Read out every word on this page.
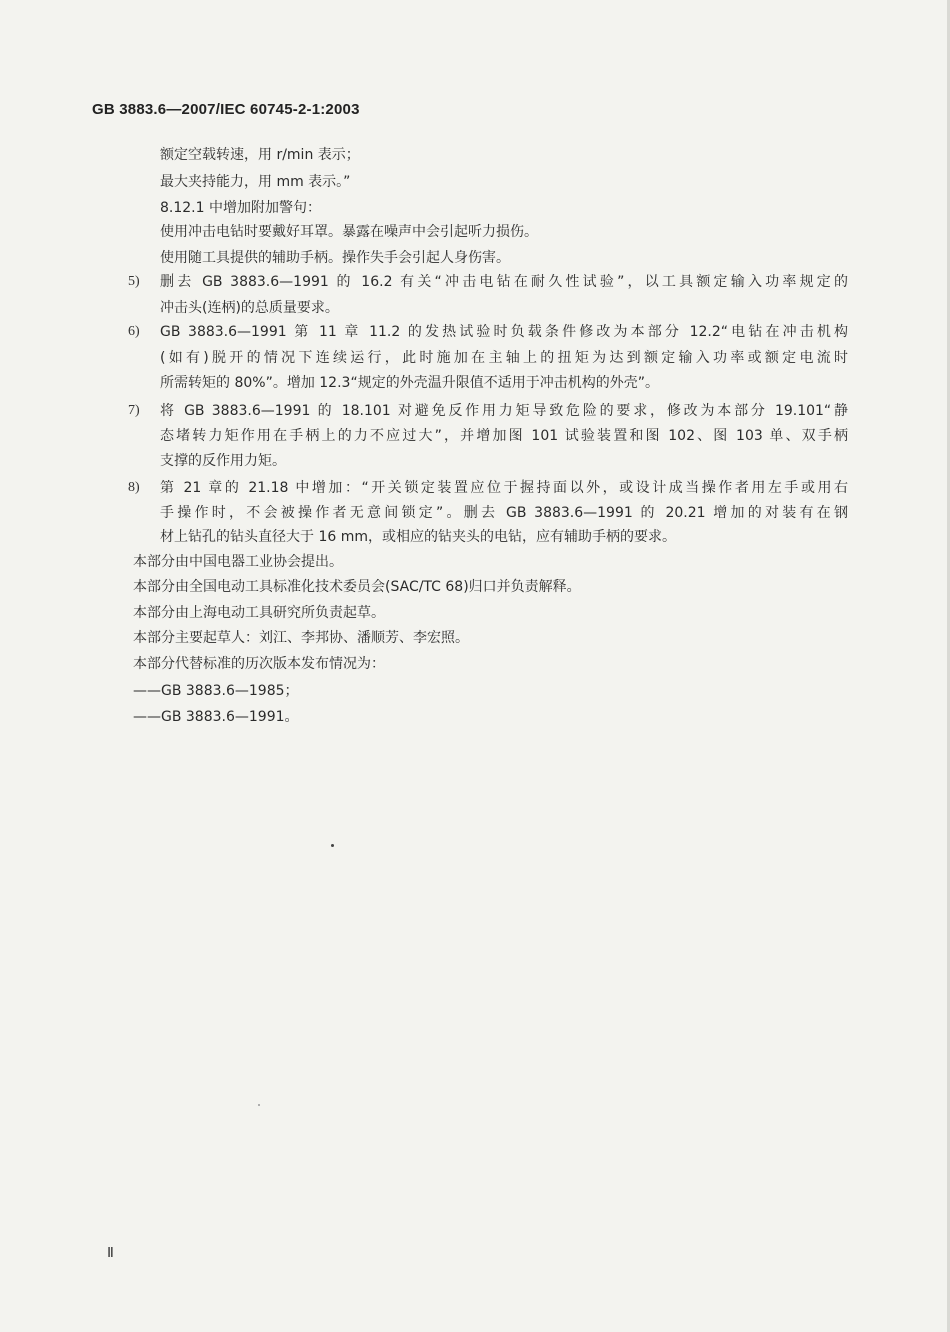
GB 3883.6—2007/IEC 60745-2-1:2003
额定空载转速，用 r/min 表示；
最大夹持能力，用 mm 表示。”
8.12.1 中增加附加警句：
使用冲击电钻时要戴好耳罩。暴露在噪声中会引起听力损伤。
使用随工具提供的辅助手柄。操作失手会引起人身伤害。
5) 删去 GB 3883.6—1991 的 16.2 有关“冲击电钻在耐久性试验”，以工具额定输入功率规定的
冲击头(连柄)的总质量要求。
6) GB 3883.6—1991 第 11 章 11.2 的发热试验时负载条件修改为本部分 12.2“电钻在冲击机构
(如有)脱开的情况下连续运行，此时施加在主轴上的扭矩为达到额定输入功率或额定电流时
所需转矩的 80%”。增加 12.3“规定的外壳温升限值不适用于冲击机构的外壳”。
7) 将 GB 3883.6—1991 的 18.101 对避免反作用力矩导致危险的要求，修改为本部分 19.101“静
态堵转力矩作用在手柄上的力不应过大”，并增加图 101 试验装置和图 102、图 103 单、双手柄
支撑的反作用力矩。
8) 第 21 章的 21.18 中增加：“开关锁定装置应位于握持面以外，或设计成当操作者用左手或用右
手操作时，不会被操作者无意间锁定”。删去 GB 3883.6—1991 的 20.21 增加的对装有在钢
材上钻孔的钻头直径大于 16 mm，或相应的钻夹头的电钻，应有辅助手柄的要求。
本部分由中国电器工业协会提出。
本部分由全国电动工具标准化技术委员会(SAC/TC 68)归口并负责解释。
本部分由上海电动工具研究所负责起草。
本部分主要起草人：刘江、李邦协、潘顺芳、李宏照。
本部分代替标准的历次版本发布情况为：
——GB 3883.6—1985；
——GB 3883.6—1991。
Ⅱ
